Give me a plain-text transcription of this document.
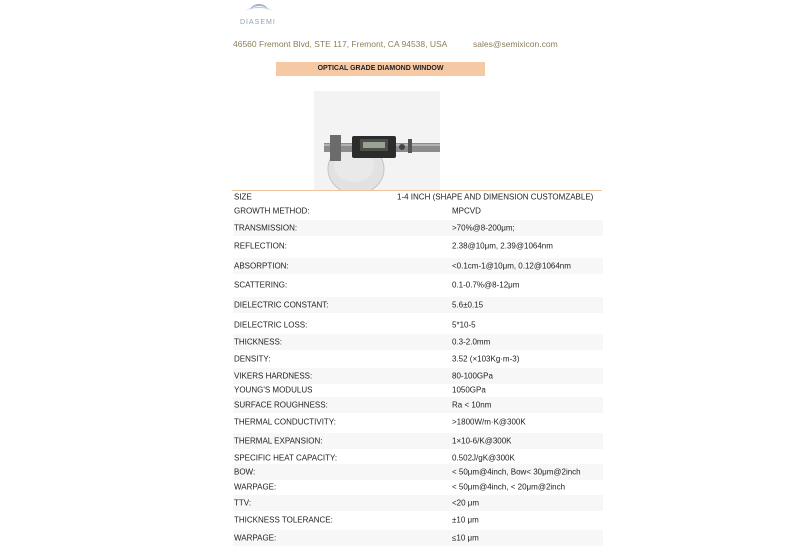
DIASEMI
46560 Fremont Blvd, STE 117, Fremont, CA 94538, USA	sales@semixicon.com
OPTICAL GRADE DIAMOND WINDOW
SIZE	1-4 INCH (SHAPE AND DIMENSION CUSTOMZABLE)
GROWTH METHOD:	MPCVD
TRANSMISSION:	>70%@8-200μm;
REFLECTION:	2.38@10μm, 2.39@1064nm
ABSORPTION:	<0.1cm-1@10μm, 0.12@1064nm
SCATTERING:	0.1-0.7%@8-12μm
DIELECTRIC CONSTANT:	5.6±0.15
DIELECTRIC LOSS:	5*10-5
THICKNESS:	0.3-2.0mm
DENSITY:	3.52 (×103Kg·m-3)
VIKERS HARDNESS:	80-100GPa
YOUNG'S MODULUS	1050GPa
SURFACE ROUGHNESS:	Ra < 10nm
THERMAL CONDUCTIVITY:	>1800W/m·K@300K
THERMAL EXPANSION:	1×10-6/K@300K
SPECIFIC HEAT CAPACITY:	0.502J/gK@300K
BOW:	< 50μm@4inch, Bow< 30μm@2inch
WARPAGE:	< 50μm@4inch, < 20μm@2inch
TTV:	<20 μm
THICKNESS TOLERANCE:	±10 μm
WARPAGE:	≤10 μm
